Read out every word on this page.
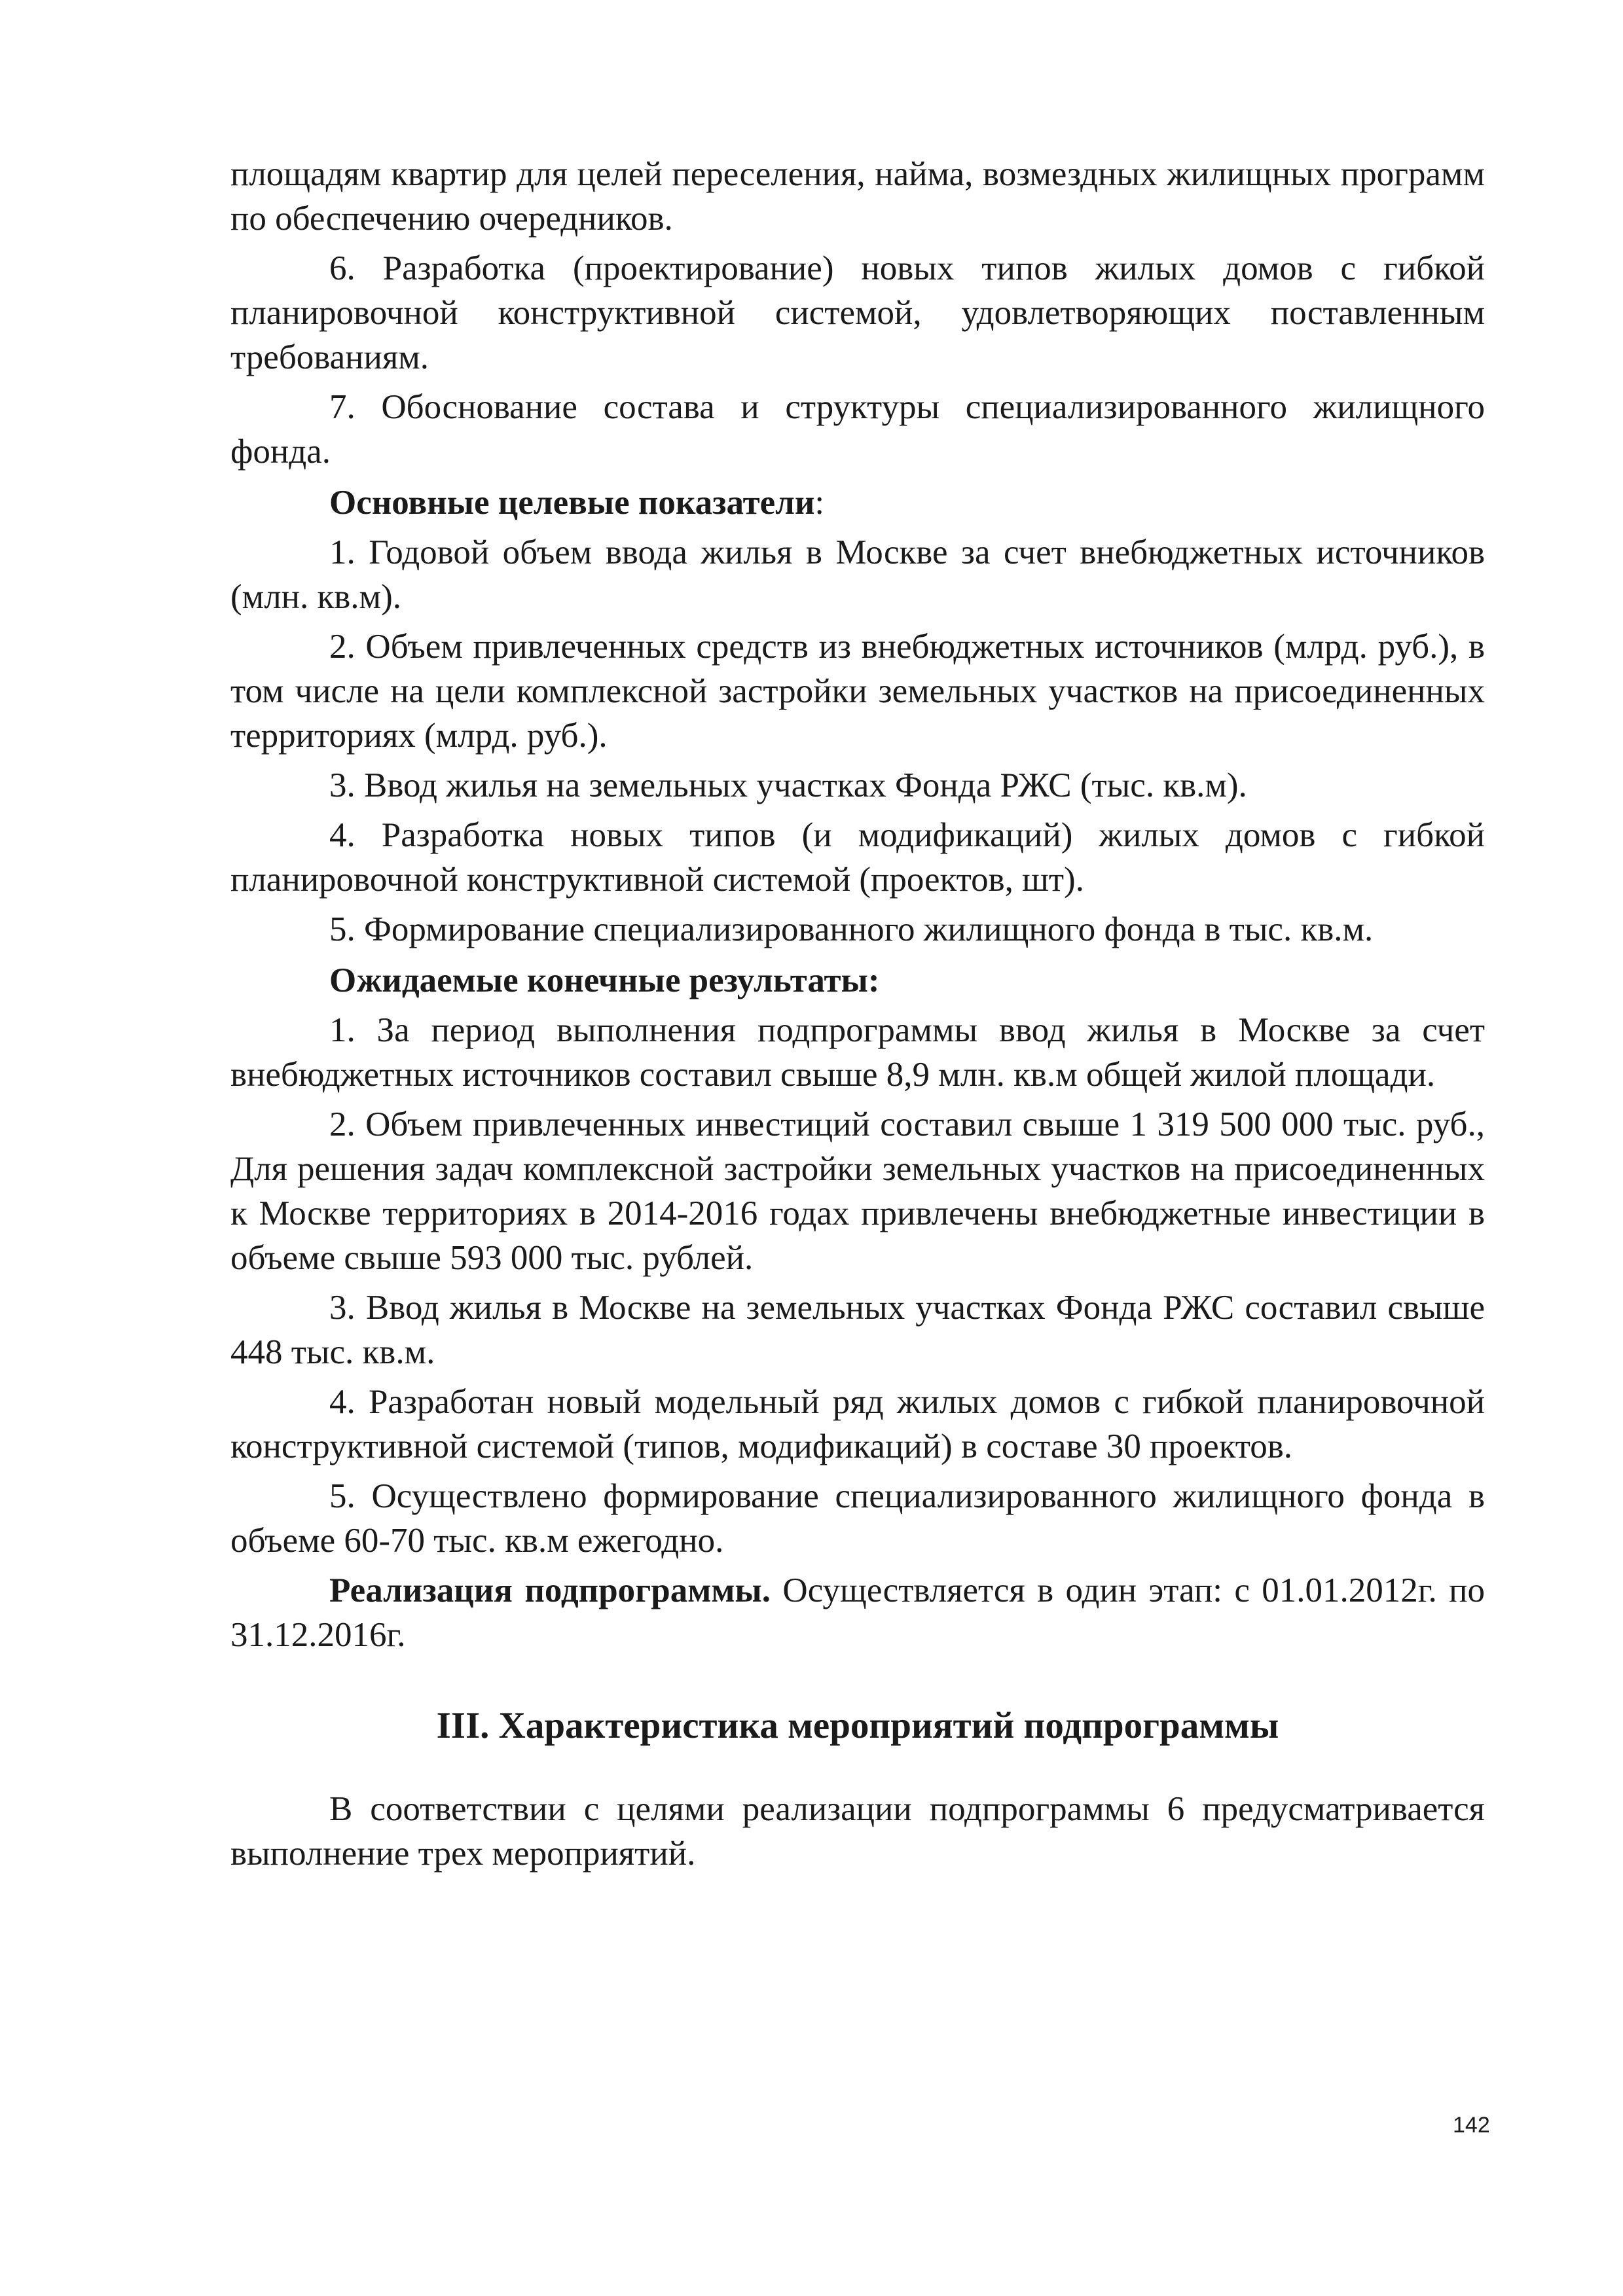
площадям квартир для целей переселения, найма, возмездных жилищных программ по обеспечению очередников.

6. Разработка (проектирование) новых типов жилых домов с гибкой планировочной конструктивной системой, удовлетворяющих поставленным требованиям.

7. Обоснование состава и структуры специализированного жилищного фонда.

Основные целевые показатели:

1. Годовой объем ввода жилья в Москве за счет внебюджетных источников (млн. кв.м).

2. Объем привлеченных средств из внебюджетных источников (млрд. руб.), в том числе на цели комплексной застройки земельных участков на присоединенных территориях (млрд. руб.).

3. Ввод жилья на земельных участках Фонда РЖС (тыс. кв.м).

4. Разработка новых типов (и модификаций) жилых домов с гибкой планировочной конструктивной системой (проектов, шт).

5. Формирование специализированного жилищного фонда в тыс. кв.м.

Ожидаемые конечные результаты:

1. За период выполнения подпрограммы ввод жилья в Москве за счет внебюджетных источников составил свыше 8,9 млн. кв.м общей жилой площади.

2. Объем привлеченных инвестиций составил свыше 1 319 500 000 тыс. руб., Для решения задач комплексной застройки земельных участков на присоединенных к Москве территориях в 2014-2016 годах привлечены внебюджетные инвестиции в объеме свыше 593 000 тыс. рублей.

3. Ввод жилья в Москве на земельных участках Фонда РЖС составил свыше 448 тыс. кв.м.

4. Разработан новый модельный ряд жилых домов с гибкой планировочной конструктивной системой (типов, модификаций) в составе 30 проектов.

5. Осуществлено формирование специализированного жилищного фонда в объеме 60-70 тыс. кв.м ежегодно.

Реализация подпрограммы. Осуществляется в один этап: с 01.01.2012г. по 31.12.2016г.

III. Характеристика мероприятий подпрограммы

В соответствии с целями реализации подпрограммы 6 предусматривается выполнение трех мероприятий.

142
